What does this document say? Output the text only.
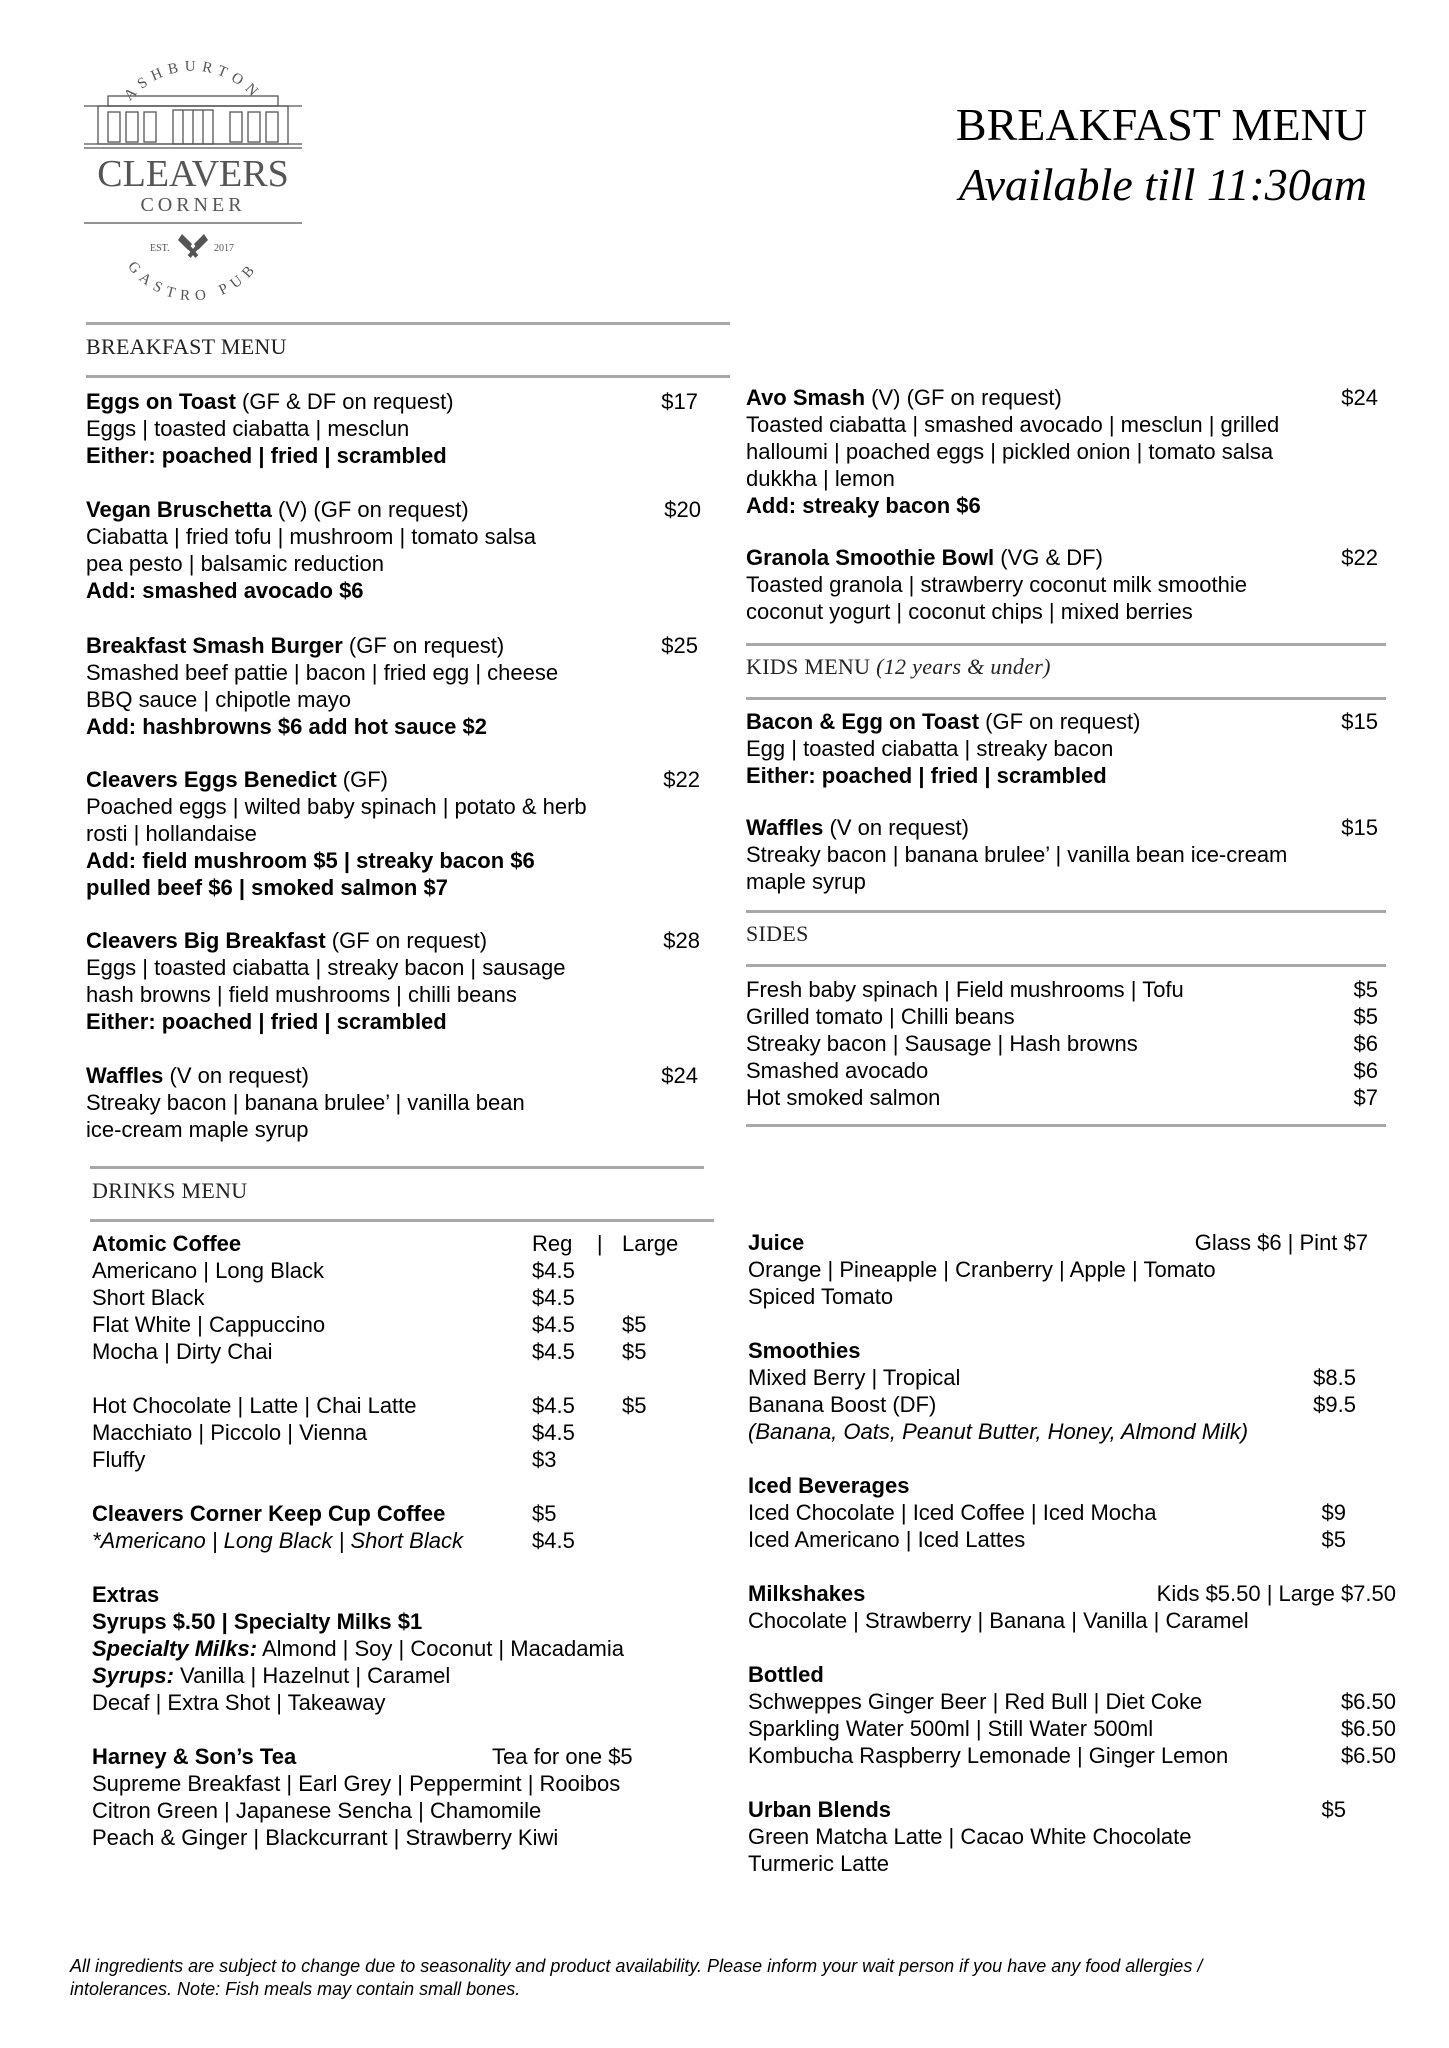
ASHBURTON
CLEAVERS
CORNER
EST.	2017
GASTRO PUB
BREAKFAST MENU
Available till 11:30am
BREAKFAST MENU
Eggs on Toast (GF & DF on request)	$17
Eggs | toasted ciabatta | mesclun
Either: poached | fried | scrambled
Vegan Bruschetta (V) (GF on request)	$20
Ciabatta | fried tofu | mushroom | tomato salsa
pea pesto | balsamic reduction
Add: smashed avocado $6
Breakfast Smash Burger (GF on request)	$25
Smashed beef pattie | bacon | fried egg | cheese
BBQ sauce | chipotle mayo
Add: hashbrowns $6 add hot sauce $2
Cleavers Eggs Benedict (GF)	$22
Poached eggs | wilted baby spinach | potato & herb
rosti | hollandaise
Add: field mushroom $5 | streaky bacon $6
pulled beef $6 | smoked salmon $7
Cleavers Big Breakfast (GF on request)	$28
Eggs | toasted ciabatta | streaky bacon | sausage
hash browns | field mushrooms | chilli beans
Either: poached | fried | scrambled
Waffles (V on request)	$24
Streaky bacon | banana brulee’ | vanilla bean
ice-cream maple syrup
Avo Smash (V) (GF on request)	$24
Toasted ciabatta | smashed avocado | mesclun | grilled
halloumi | poached eggs | pickled onion | tomato salsa
dukkha | lemon
Add: streaky bacon $6
Granola Smoothie Bowl (VG & DF)	$22
Toasted granola | strawberry coconut milk smoothie
coconut yogurt | coconut chips | mixed berries
KIDS MENU (12 years & under)
Bacon & Egg on Toast (GF on request)	$15
Egg | toasted ciabatta | streaky bacon
Either: poached | fried | scrambled
Waffles (V on request)	$15
Streaky bacon | banana brulee’ | vanilla bean ice-cream
maple syrup
SIDES
Fresh baby spinach | Field mushrooms | Tofu	$5
Grilled tomato | Chilli beans	$5
Streaky bacon | Sausage | Hash browns	$6
Smashed avocado	$6
Hot smoked salmon	$7
DRINKS MENU
Atomic Coffee	Reg | Large
Americano | Long Black	$4.5
Short Black	$4.5
Flat White | Cappuccino	$4.5	$5
Mocha | Dirty Chai	$4.5	$5
Hot Chocolate | Latte | Chai Latte	$4.5	$5
Macchiato | Piccolo | Vienna	$4.5
Fluffy	$3
Cleavers Corner Keep Cup Coffee	$5
*Americano | Long Black | Short Black	$4.5
Extras
Syrups $.50 | Specialty Milks $1
Specialty Milks: Almond | Soy | Coconut | Macadamia
Syrups: Vanilla | Hazelnut | Caramel
Decaf | Extra Shot | Takeaway
Harney & Son’s Tea	Tea for one $5
Supreme Breakfast | Earl Grey | Peppermint | Rooibos
Citron Green | Japanese Sencha | Chamomile
Peach & Ginger | Blackcurrant | Strawberry Kiwi
Juice	Glass $6 | Pint $7
Orange | Pineapple | Cranberry | Apple | Tomato
Spiced Tomato
Smoothies
Mixed Berry | Tropical	$8.5
Banana Boost (DF)	$9.5
(Banana, Oats, Peanut Butter, Honey, Almond Milk)
Iced Beverages
Iced Chocolate | Iced Coffee | Iced Mocha	$9
Iced Americano | Iced Lattes	$5
Milkshakes	Kids $5.50 | Large $7.50
Chocolate | Strawberry | Banana | Vanilla | Caramel
Bottled
Schweppes Ginger Beer | Red Bull | Diet Coke	$6.50
Sparkling Water 500ml | Still Water 500ml	$6.50
Kombucha Raspberry Lemonade | Ginger Lemon	$6.50
Urban Blends	$5
Green Matcha Latte | Cacao White Chocolate
Turmeric Latte
All ingredients are subject to change due to seasonality and product availability. Please inform your wait person if you have any food allergies /
intolerances. Note: Fish meals may contain small bones.
